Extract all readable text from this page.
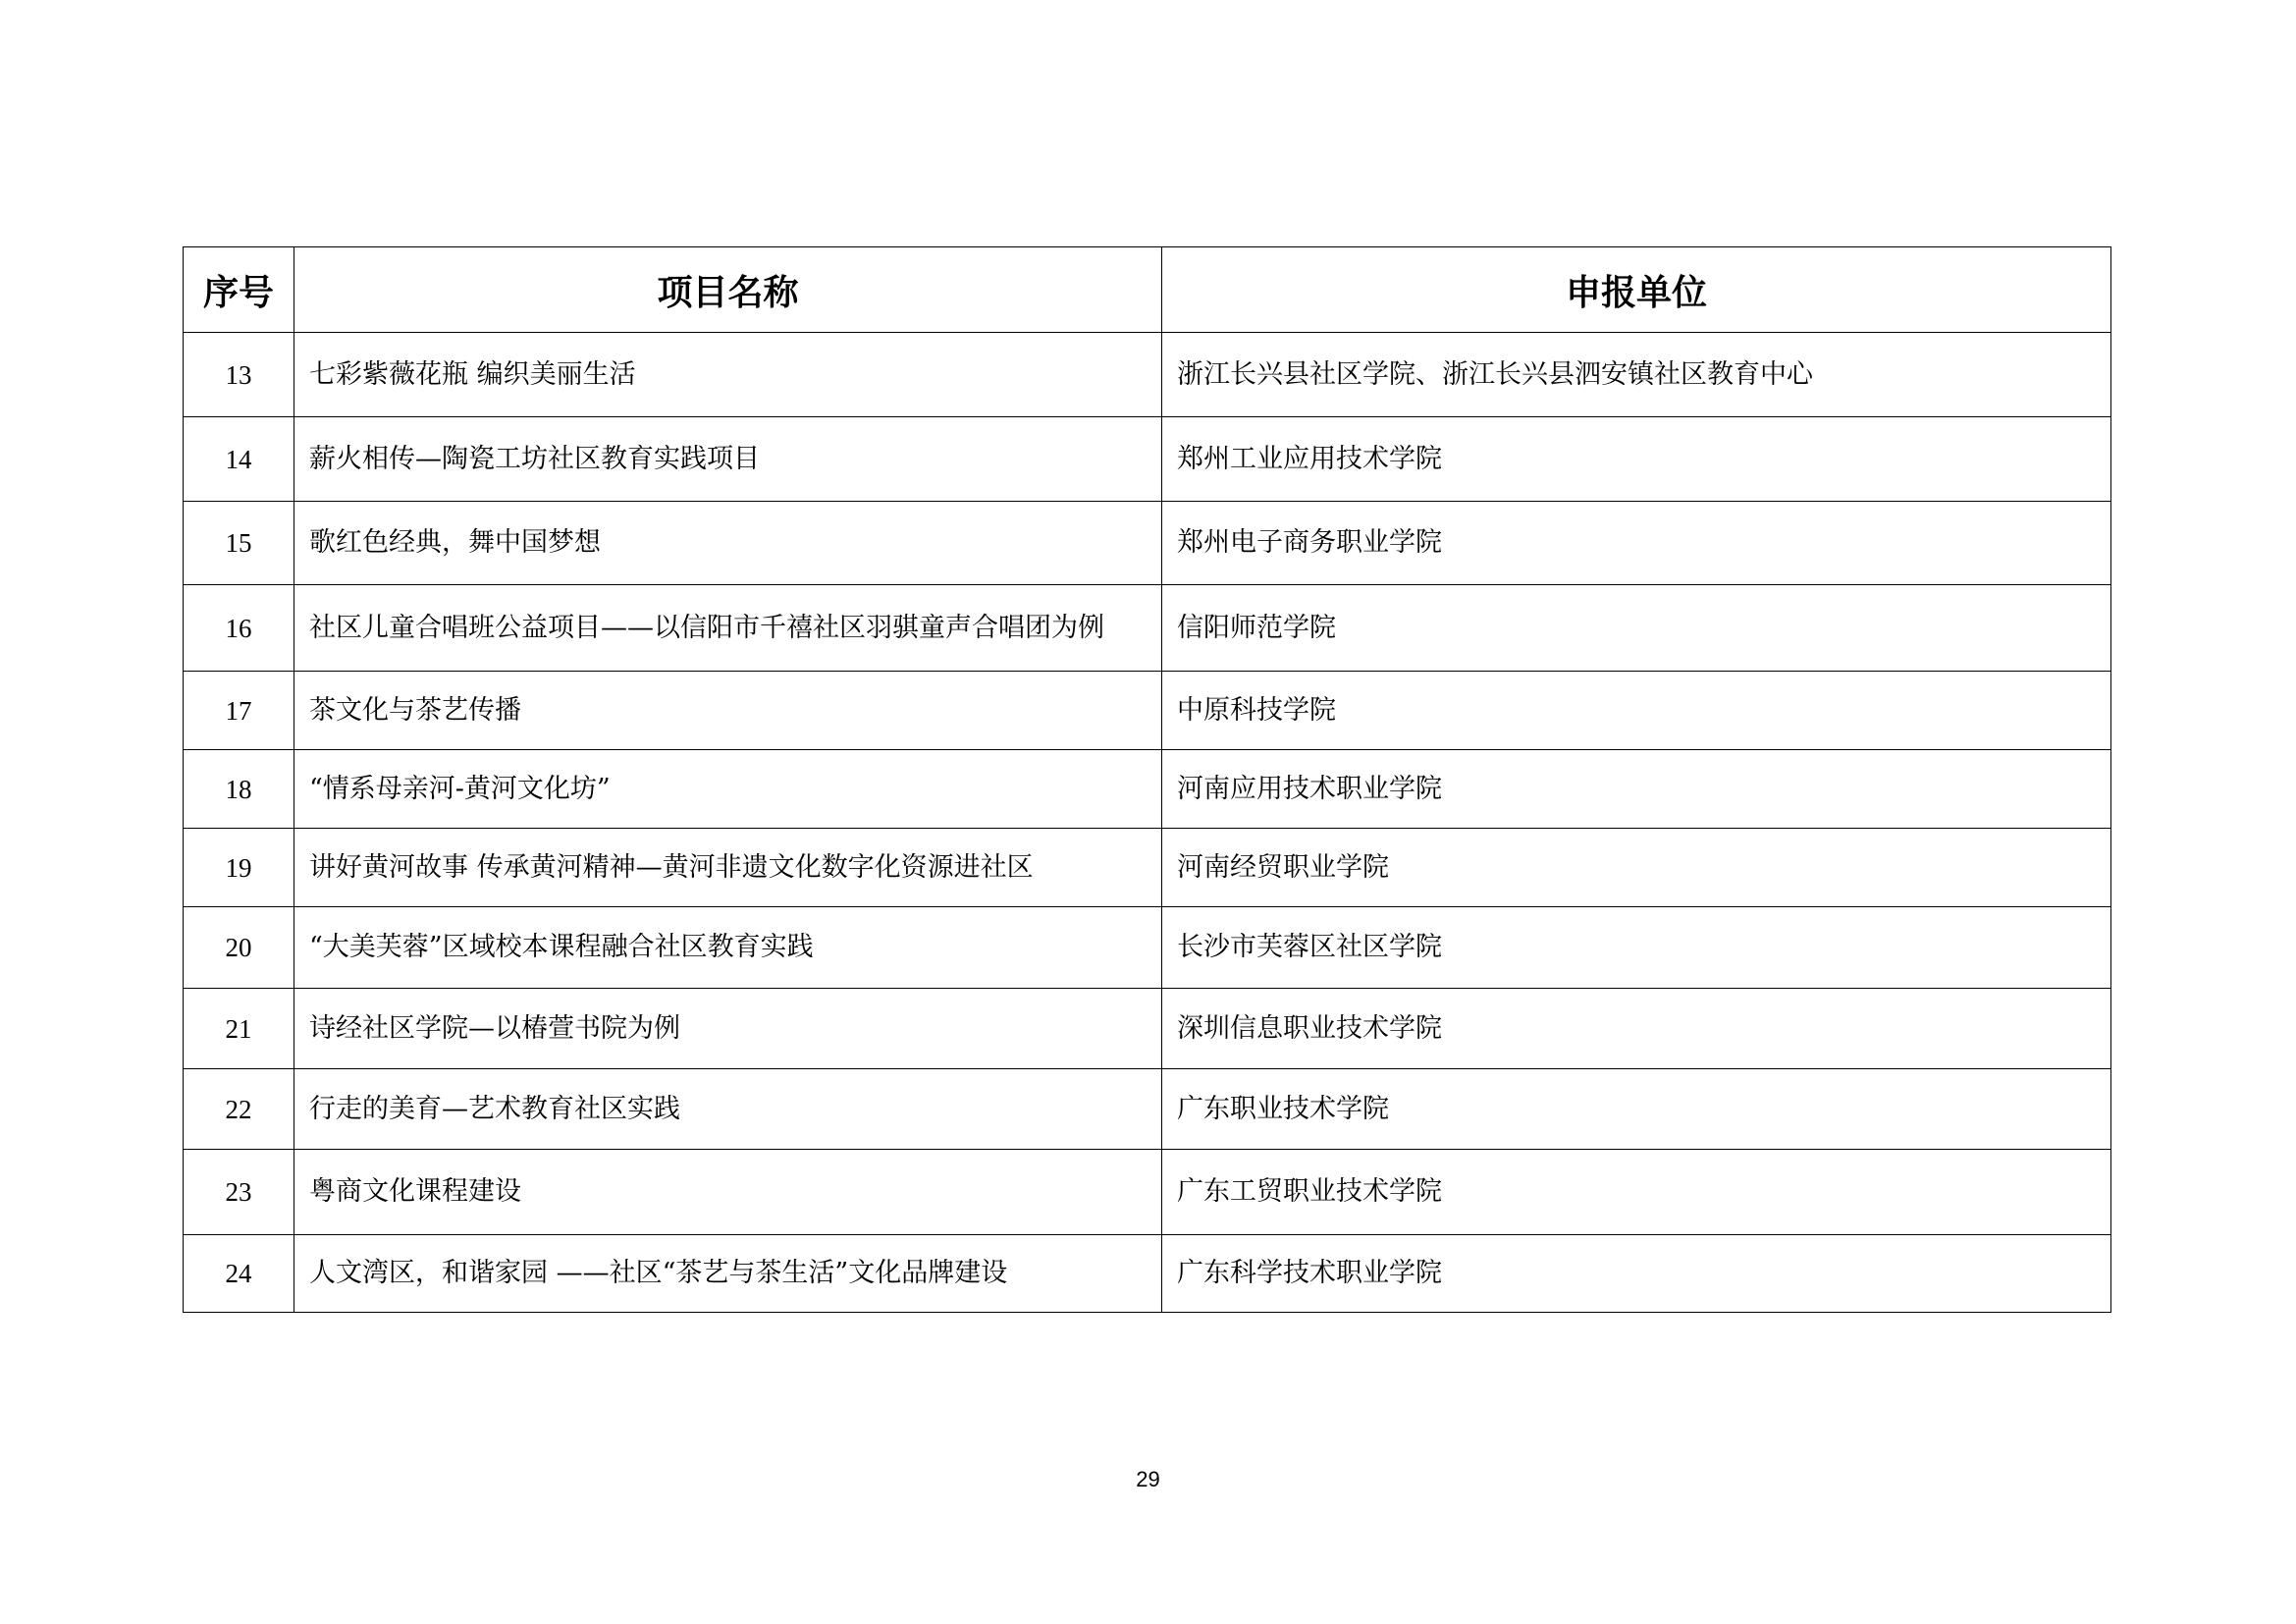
序号	项目名称	申报单位
13	七彩紫薇花瓶 编织美丽生活	浙江长兴县社区学院、浙江长兴县泗安镇社区教育中心
14	薪火相传—陶瓷工坊社区教育实践项目	郑州工业应用技术学院
15	歌红色经典，舞中国梦想	郑州电子商务职业学院
16	社区儿童合唱班公益项目——以信阳市千禧社区羽骐童声合唱团为例	信阳师范学院
17	茶文化与茶艺传播	中原科技学院
18	“情系母亲河-黄河文化坊”	河南应用技术职业学院
19	讲好黄河故事 传承黄河精神—黄河非遗文化数字化资源进社区	河南经贸职业学院
20	“大美芙蓉”区域校本课程融合社区教育实践	长沙市芙蓉区社区学院
21	诗经社区学院—以椿萱书院为例	深圳信息职业技术学院
22	行走的美育—艺术教育社区实践	广东职业技术学院
23	粤商文化课程建设	广东工贸职业技术学院
24	人文湾区，和谐家园 ——社区“茶艺与茶生活”文化品牌建设	广东科学技术职业学院
29
